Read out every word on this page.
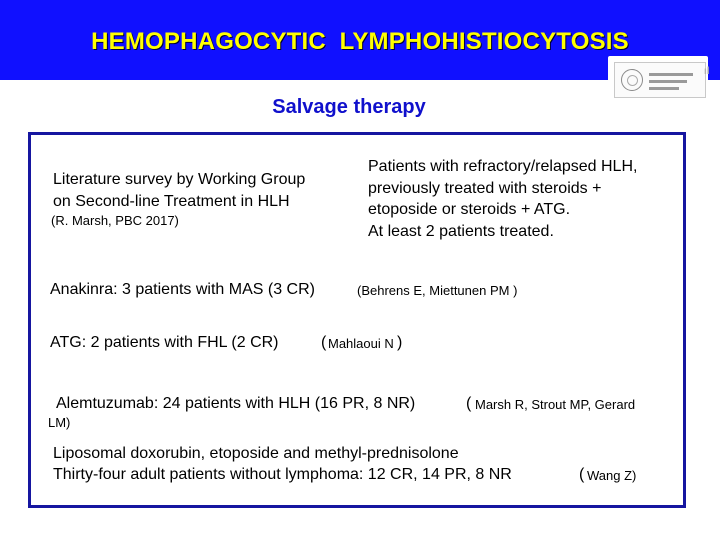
HEMOPHAGOCYTIC  LYMPHOHISTIOCYTOSIS
ıl
Salvage therapy
Literature survey by Working Group
on Second-line Treatment in HLH
(R. Marsh, PBC 2017)
Patients with refractory/relapsed HLH,
previously treated with steroids +
etoposide or steroids + ATG.
At least 2 patients treated.
Anakinra: 3 patients with MAS (3 CR)	(Behrens E, Miettunen PM )
ATG: 2 patients with FHL (2 CR)	( Mahlaoui N )
Alemtuzumab: 24 patients with HLH (16 PR, 8 NR)	( Marsh R, Strout MP, Gerard
LM)
Liposomal doxorubin, etoposide and methyl-prednisolone
Thirty-four adult patients without lymphoma: 12 CR, 14 PR, 8 NR	( Wang Z)
